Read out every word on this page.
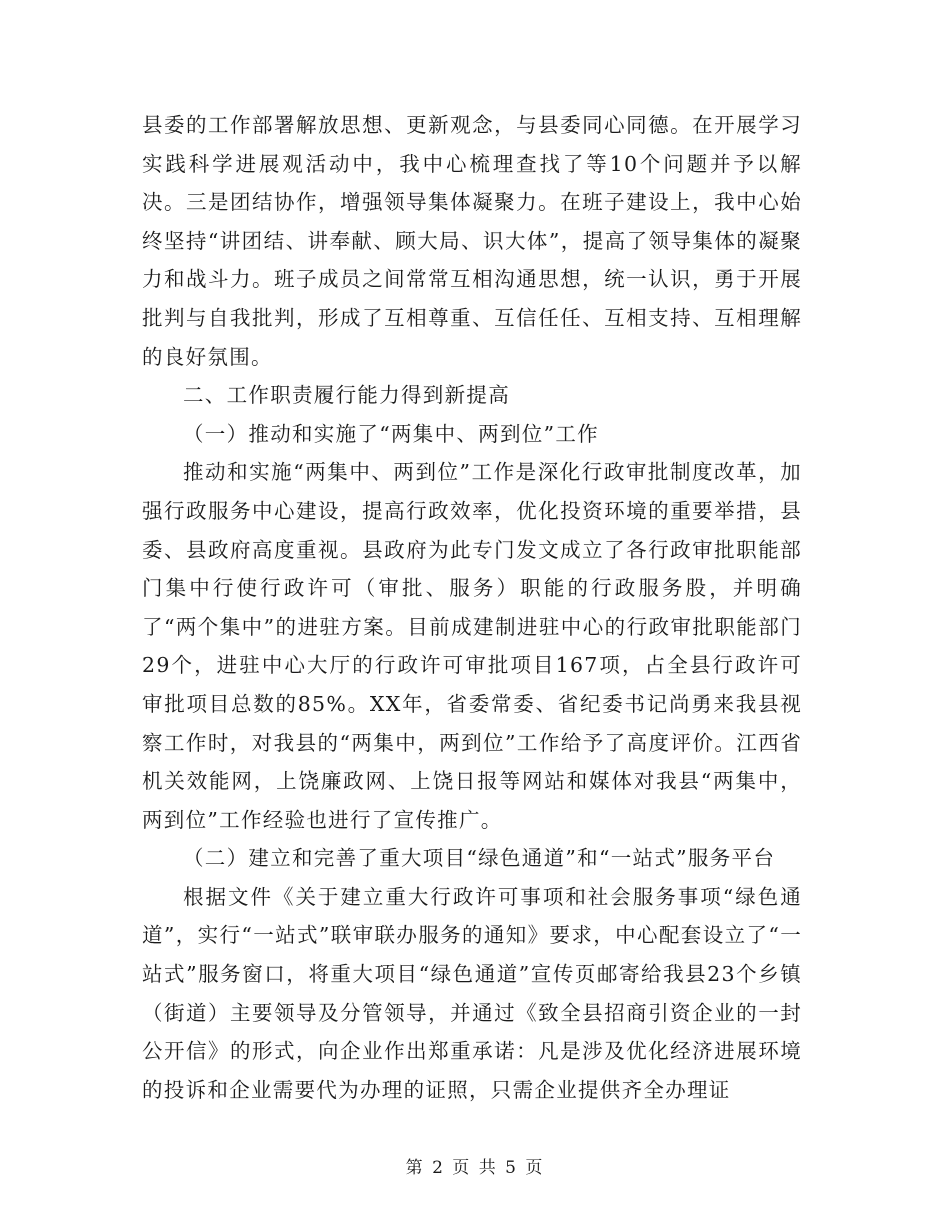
县委的工作部署解放思想、更新观念，与县委同心同德。在开展学习实践科学进展观活动中，我中心梳理查找了等10个问题并予以解决。三是团结协作，增强领导集体凝聚力。在班子建设上，我中心始终坚持“讲团结、讲奉献、顾大局、识大体”，提高了领导集体的凝聚力和战斗力。班子成员之间常常互相沟通思想，统一认识，勇于开展批判与自我批判，形成了互相尊重、互信任任、互相支持、互相理解的良好氛围。

二、工作职责履行能力得到新提高

（一）推动和实施了“两集中、两到位”工作

推动和实施“两集中、两到位”工作是深化行政审批制度改革，加强行政服务中心建设，提高行政效率，优化投资环境的重要举措，县委、县政府高度重视。县政府为此专门发文成立了各行政审批职能部门集中行使行政许可（审批、服务）职能的行政服务股，并明确了“两个集中”的进驻方案。目前成建制进驻中心的行政审批职能部门29个，进驻中心大厅的行政许可审批项目167项，占全县行政许可审批项目总数的85%。XX年，省委常委、省纪委书记尚勇来我县视察工作时，对我县的“两集中，两到位”工作给予了高度评价。江西省机关效能网，上饶廉政网、上饶日报等网站和媒体对我县“两集中，两到位”工作经验也进行了宣传推广。

（二）建立和完善了重大项目“绿色通道”和“一站式”服务平台

根据文件《关于建立重大行政许可事项和社会服务事项“绿色通道”，实行“一站式”联审联办服务的通知》要求，中心配套设立了“一站式”服务窗口，将重大项目“绿色通道”宣传页邮寄给我县23个乡镇（街道）主要领导及分管领导，并通过《致全县招商引资企业的一封公开信》的形式，向企业作出郑重承诺：凡是涉及优化经济进展环境的投诉和企业需要代为办理的证照，只需企业提供齐全办理证

第 2 页 共 5 页
